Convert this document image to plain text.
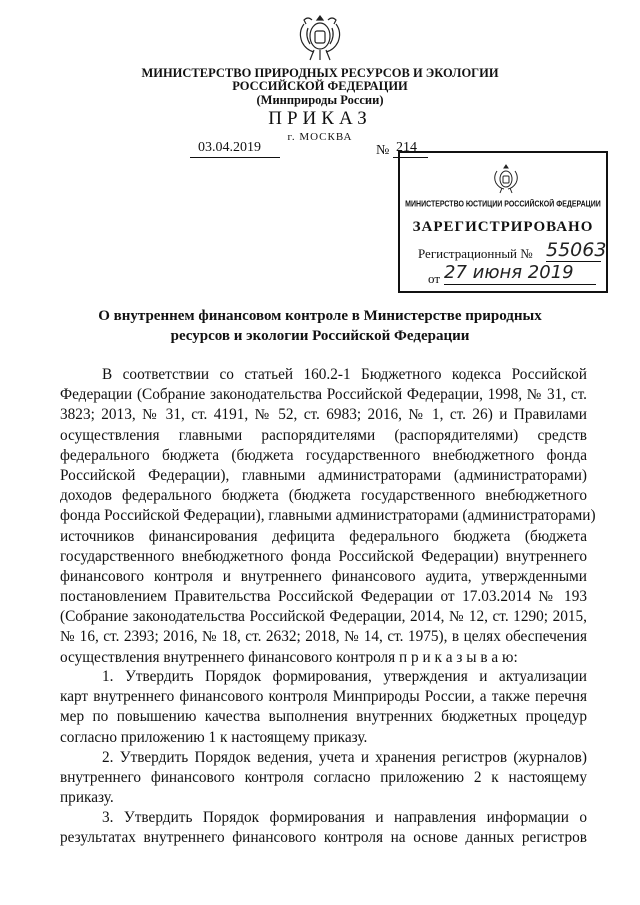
МИНИСТЕРСТВО ПРИРОДНЫХ РЕСУРСОВ И ЭКОЛОГИИ
РОССИЙСКОЙ ФЕДЕРАЦИИ
(Минприроды России)
ПРИКАЗ
г. МОСКВА
03.04.2019	№ 214
МИНИСТЕРСТВО ЮСТИЦИИ РОССИЙСКОЙ ФЕДЕРАЦИИ
ЗАРЕГИСТРИРОВАНО
Регистрационный № 55063
от 27 июня 2019
О внутреннем финансовом контроле в Министерстве природных
ресурсов и экологии Российской Федерации
В соответствии со статьей 160.2-1 Бюджетного кодекса Российской
Федерации (Собрание законодательства Российской Федерации, 1998, № 31, ст.
3823; 2013, № 31, ст. 4191, № 52, ст. 6983; 2016, № 1, ст. 26) и Правилами
осуществления главными распорядителями (распорядителями) средств
федерального бюджета (бюджета государственного внебюджетного фонда
Российской Федерации), главными администраторами (администраторами)
доходов федерального бюджета (бюджета государственного внебюджетного
фонда Российской Федерации), главными администраторами (администраторами)
источников финансирования дефицита федерального бюджета (бюджета
государственного внебюджетного фонда Российской Федерации) внутреннего
финансового контроля и внутреннего финансового аудита, утвержденными
постановлением Правительства Российской Федерации от 17.03.2014 № 193
(Собрание законодательства Российской Федерации, 2014, № 12, ст. 1290; 2015,
№ 16, ст. 2393; 2016, № 18, ст. 2632; 2018, № 14, ст. 1975), в целях обеспечения
осуществления внутреннего финансового контроля п р и к а з ы в а ю:
1. Утвердить Порядок формирования, утверждения и актуализации
карт внутреннего финансового контроля Минприроды России, а также перечня
мер по повышению качества выполнения внутренних бюджетных процедур
согласно приложению 1 к настоящему приказу.
2. Утвердить Порядок ведения, учета и хранения регистров (журналов)
внутреннего финансового контроля согласно приложению 2 к настоящему
приказу.
3. Утвердить Порядок формирования и направления информации о
результатах внутреннего финансового контроля на основе данных регистров
